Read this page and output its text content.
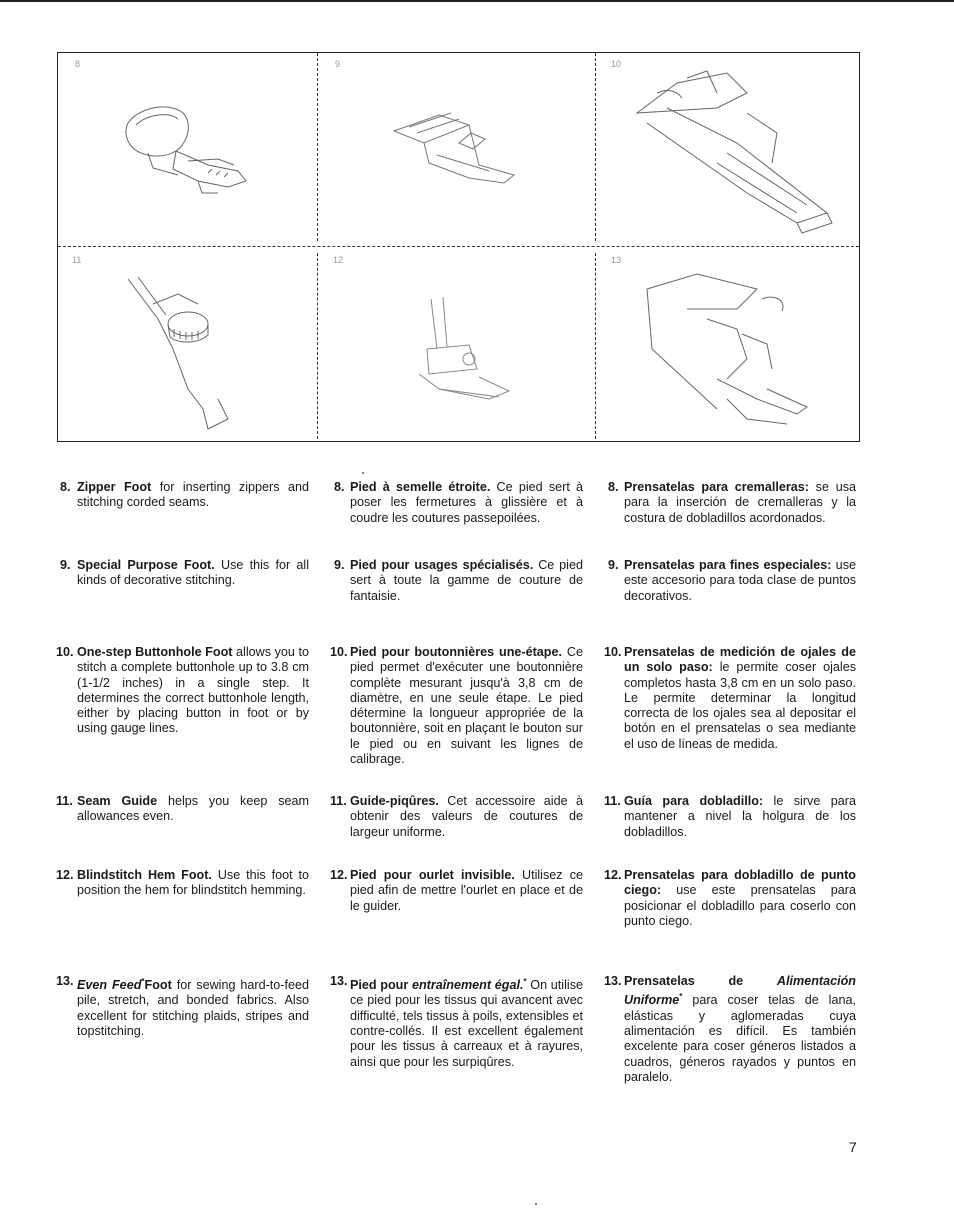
8	9	10
11	12	13
8. Zipper Foot for inserting zippers and stitching corded seams.
9. Special Purpose Foot. Use this for all kinds of decorative stitching.
10. One-step Buttonhole Foot allows you to stitch a complete buttonhole up to 3.8 cm (1-1/2 inches) in a single step. It determines the correct buttonhole length, either by placing button in foot or by using gauge lines.
11. Seam Guide helps you keep seam allowances even.
12. Blindstitch Hem Foot. Use this foot to position the hem for blindstitch hemming.
13. Even Feed*Foot for sewing hard-to-feed pile, stretch, and bonded fabrics. Also excellent for stitching plaids, stripes and topstitching.
8. Pied à semelle étroite. Ce pied sert à poser les fermetures à glissière et à coudre les coutures passepoilées.
9. Pied pour usages spécialisés. Ce pied sert à toute la gamme de couture de fantaisie.
10. Pied pour boutonnières une-étape. Ce pied permet d'exécuter une boutonnière complète mesurant jusqu'à 3,8 cm de diamètre, en une seule étape. Le pied détermine la longueur appropriée de la boutonnière, soit en plaçant le bouton sur le pied ou en suivant les lignes de calibrage.
11. Guide-piqûres. Cet accessoire aide à obtenir des valeurs de coutures de largeur uniforme.
12. Pied pour ourlet invisible. Utilisez ce pied afin de mettre l'ourlet en place et de le guider.
13. Pied pour entraînement égal.* On utilise ce pied pour les tissus qui avancent avec difficulté, tels tissus à poils, extensibles et contre-collés. Il est excellent également pour les tissus à carreaux et à rayures, ainsi que pour les surpiqûres.
8. Prensatelas para cremalleras: se usa para la inserción de cremalleras y la costura de dobladillos acordonados.
9. Prensatelas para fines especiales: use este accesorio para toda clase de puntos decorativos.
10. Prensatelas de medición de ojales de un solo paso: le permite coser ojales completos hasta 3,8 cm en un solo paso. Le permite determinar la longitud correcta de los ojales sea al depositar el botón en el prensatelas o sea mediante el uso de líneas de medida.
11. Guía para dobladillo: le sirve para mantener a nivel la holgura de los dobladillos.
12. Prensatelas para dobladillo de punto ciego: use este prensatelas para posicionar el dobladillo para coserlo con punto ciego.
13. Prensatelas de Alimentación Uniforme* para coser telas de lana, elásticas y aglomeradas cuya alimentación es difícil. Es también excelente para coser géneros listados a cuadros, géneros rayados y puntos en paralelo.
7
